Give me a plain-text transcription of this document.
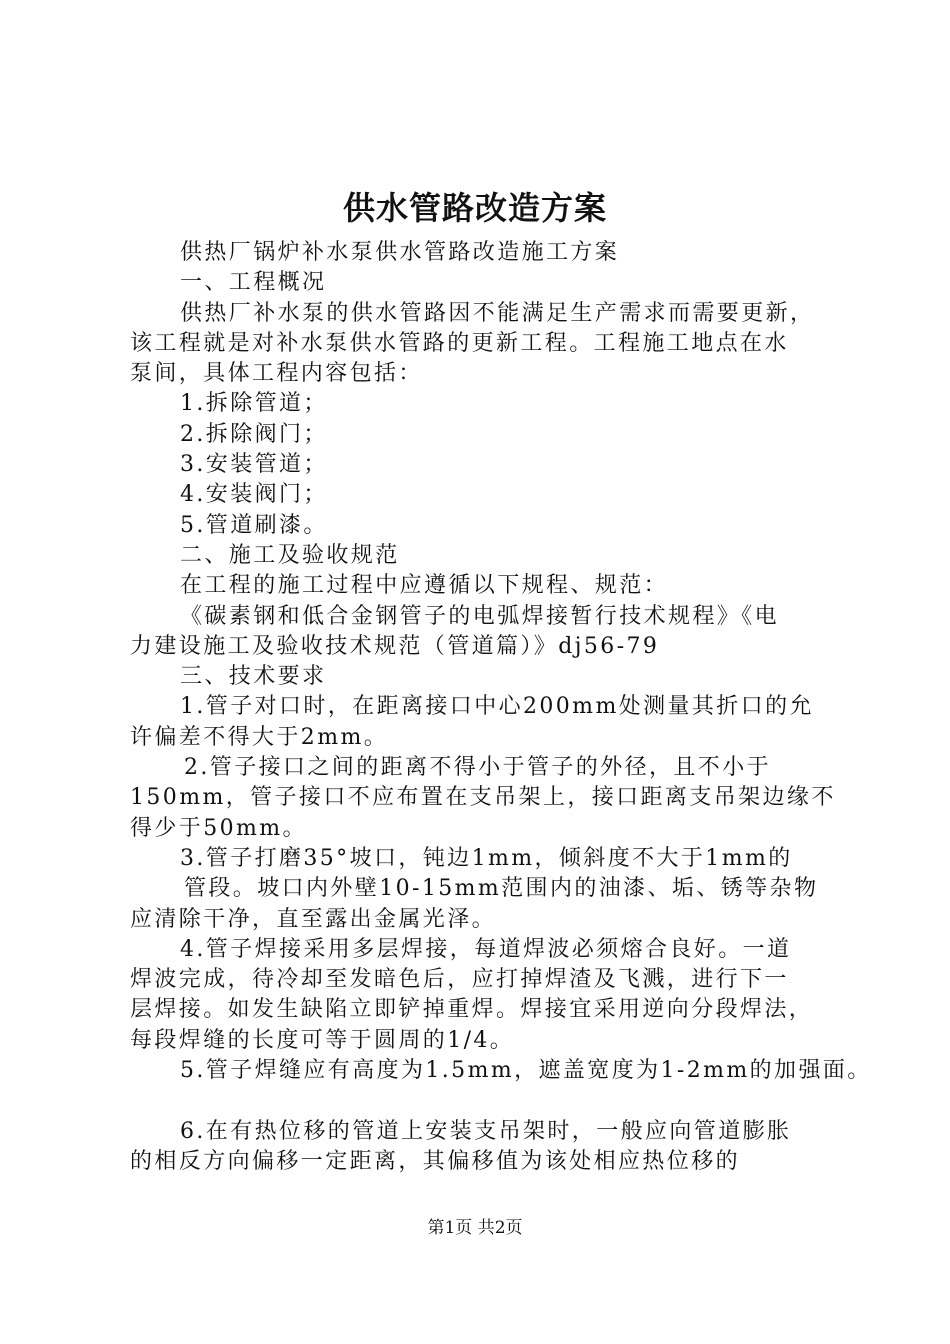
供水管路改造方案
供热厂锅炉补水泵供水管路改造施工方案
一、工程概况
供热厂补水泵的供水管路因不能满足生产需求而需要更新，
该工程就是对补水泵供水管路的更新工程。工程施工地点在水
泵间，具体工程内容包括：
1.拆除管道；
2.拆除阀门；
3.安装管道；
4.安装阀门；
5.管道刷漆。
二、施工及验收规范
在工程的施工过程中应遵循以下规程、规范：
《碳素钢和低合金钢管子的电弧焊接暂行技术规程》《电
力建设施工及验收技术规范（管道篇）》dj56-79
三、技术要求
1.管子对口时，在距离接口中心200mm处测量其折口的允
许偏差不得大于2mm。
2.管子接口之间的距离不得小于管子的外径，且不小于
150mm，管子接口不应布置在支吊架上，接口距离支吊架边缘不
得少于50mm。
3.管子打磨35°坡口，钝边1mm，倾斜度不大于1mm的
管段。坡口内外壁10-15mm范围内的油漆、垢、锈等杂物
应清除干净，直至露出金属光泽。
4.管子焊接采用多层焊接，每道焊波必须熔合良好。一道
焊波完成，待冷却至发暗色后，应打掉焊渣及飞溅，进行下一
层焊接。如发生缺陷立即铲掉重焊。焊接宜采用逆向分段焊法，
每段焊缝的长度可等于圆周的1/4。
5.管子焊缝应有高度为1.5mm，遮盖宽度为1-2mm的加强面。
6.在有热位移的管道上安装支吊架时，一般应向管道膨胀
的相反方向偏移一定距离，其偏移值为该处相应热位移的
第1页 共2页
